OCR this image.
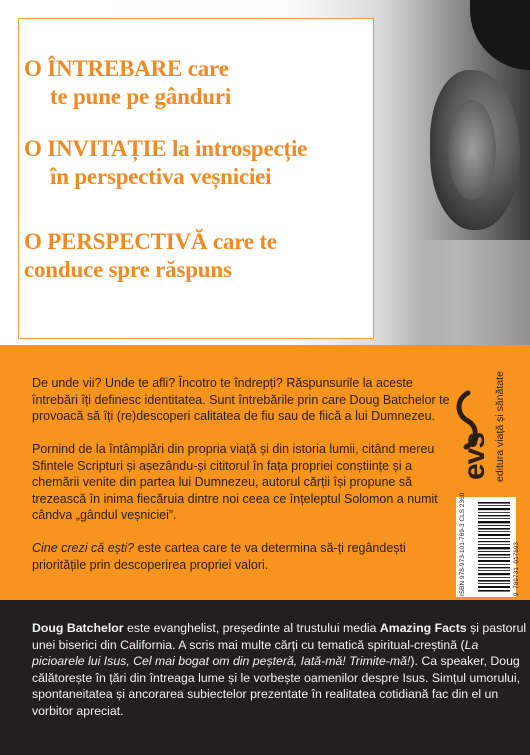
O ÎNTREBARE care
te pune pe gânduri
O INVITAȚIE la introspecție
în perspectiva veșniciei
O PERSPECTIVĂ care te
conduce spre răspuns

De unde vii? Unde te afli? Încotro te îndrepți? Răspunsurile la aceste întrebări îți definesc identitatea. Sunt întrebările prin care Doug Batchelor te provoacă să îți (re)descoperi calitatea de fiu sau de fiică a lui Dumnezeu.

Pornind de la întâmplări din propria viață și din istoria lumii, citând mereu Sfintele Scripturi și așezându-și cititorul în fața propriei conștiințe și a chemării venite din partea lui Dumnezeu, autorul cărții își propune să trezească în inima fiecăruia dintre noi ceea ce înțeleptul Solomon a numit cândva „gândul veșniciei”.

Cine crezi că ești? este cartea care te va determina să-ți regândești prioritățile prin descoperirea propriei valori.

evs editura viață și sănătate
ISBN 978-973-101-769-3 CLS 2360	9 789731 017693

Doug Batchelor este evanghelist, președinte al trustului media Amazing Facts și pastorul unei biserici din California. A scris mai multe cărți cu tematică spiritual-creștină (La picioarele lui Isus, Cel mai bogat om din peșteră, Iată-mă! Trimite-mă!). Ca speaker, Doug călătorește în țări din întreaga lume și le vorbește oamenilor despre Isus. Simțul umorului, spontaneitatea și ancorarea subiectelor prezentate în realitatea cotidiană fac din el un vorbitor apreciat.
